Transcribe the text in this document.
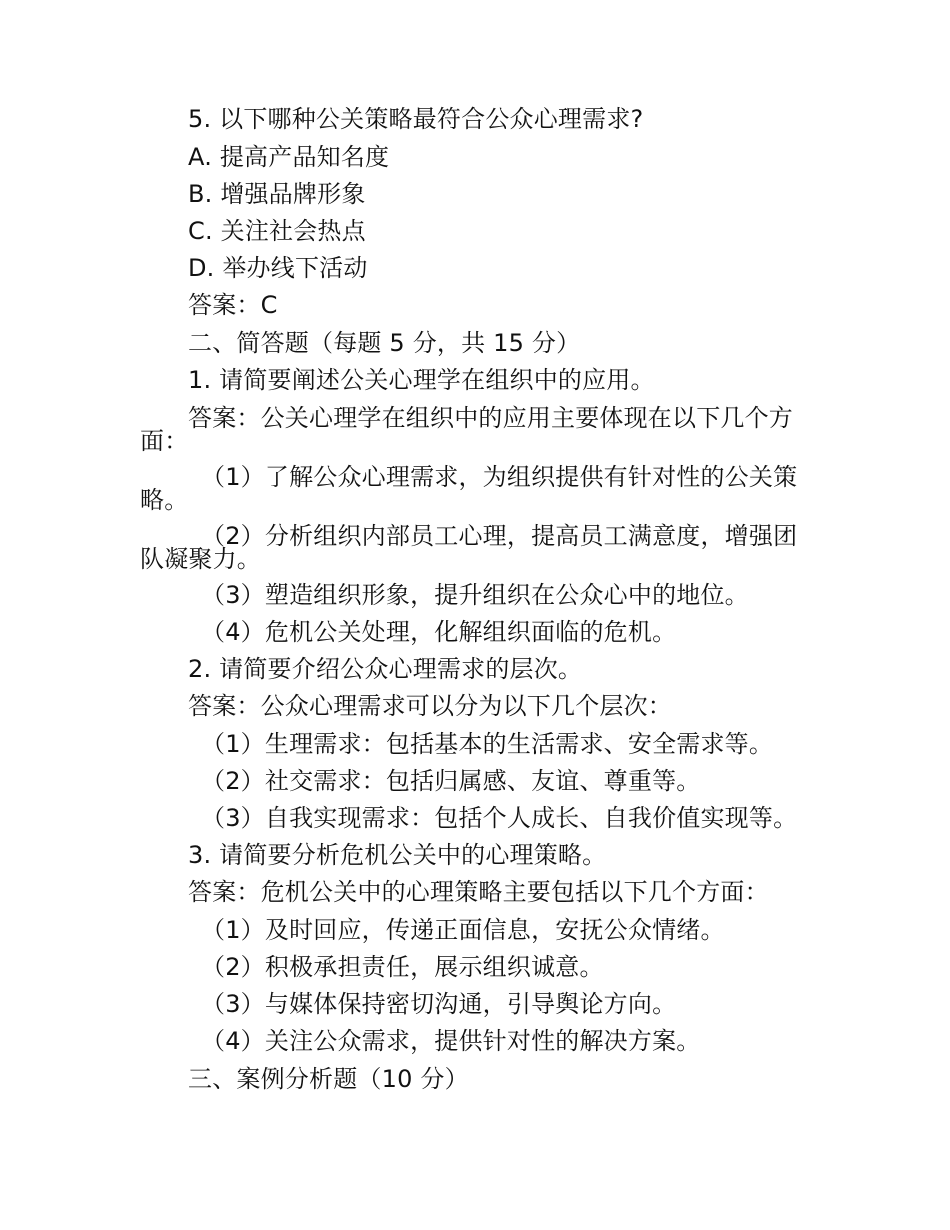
5. 以下哪种公关策略最符合公众心理需求?
A. 提高产品知名度
B. 增强品牌形象
C. 关注社会热点
D. 举办线下活动
答案：C
二、简答题（每题 5 分，共 15 分）
1. 请简要阐述公关心理学在组织中的应用。
答案：公关心理学在组织中的应用主要体现在以下几个方
面：
（1）了解公众心理需求，为组织提供有针对性的公关策
略。
（2）分析组织内部员工心理，提高员工满意度，增强团
队凝聚力。
（3）塑造组织形象，提升组织在公众心中的地位。
（4）危机公关处理，化解组织面临的危机。
2. 请简要介绍公众心理需求的层次。
答案：公众心理需求可以分为以下几个层次：
（1）生理需求：包括基本的生活需求、安全需求等。
（2）社交需求：包括归属感、友谊、尊重等。
（3）自我实现需求：包括个人成长、自我价值实现等。
3. 请简要分析危机公关中的心理策略。
答案：危机公关中的心理策略主要包括以下几个方面：
（1）及时回应，传递正面信息，安抚公众情绪。
（2）积极承担责任，展示组织诚意。
（3）与媒体保持密切沟通，引导舆论方向。
（4）关注公众需求，提供针对性的解决方案。
三、案例分析题（10 分）
